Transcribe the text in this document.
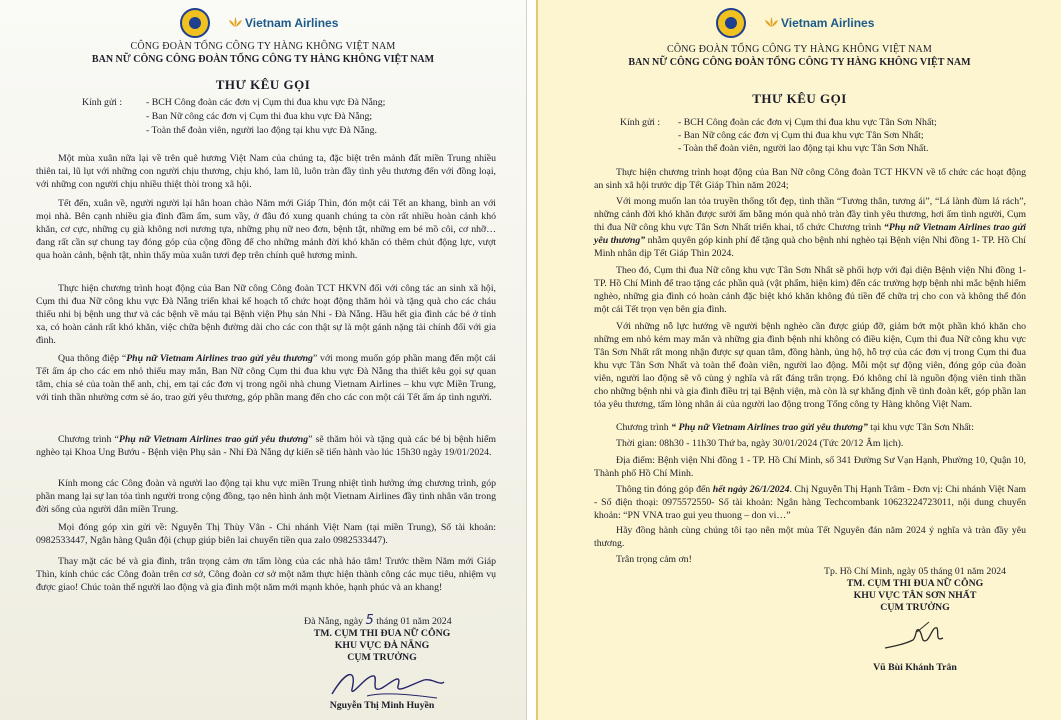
Vietnam Airlines
CÔNG ĐOÀN TỔNG CÔNG TY HÀNG KHÔNG VIỆT NAM
BAN NỮ CÔNG CÔNG ĐOÀN TỔNG CÔNG TY HÀNG KHÔNG VIỆT NAM
THƯ KÊU GỌI
Kính gửi : - BCH Công đoàn các đơn vị Cụm thi đua khu vực Đà Nẵng;
- Ban Nữ công các đơn vị Cụm thi đua khu vực Đà Nẵng;
- Toàn thể đoàn viên, người lao động tại khu vực Đà Nẵng.
Một mùa xuân nữa lại về trên quê hương Việt Nam của chúng ta, đặc biệt trên mảnh đất miền Trung nhiều thiên tai, lũ lụt với những con người chịu thương, chịu khó, lam lũ, luôn tràn đầy tình yêu thương đến với đồng loại, với những con người chịu nhiều thiệt thòi trong xã hội.
Tết đến, xuân về, người người lại hân hoan chào Năm mới Giáp Thìn, đón một cái Tết an khang, bình an với mọi nhà. Bên cạnh nhiều gia đình đầm ấm, sum vầy, ở đâu đó xung quanh chúng ta còn rất nhiều hoàn cảnh khó khăn, cơ cực, những cụ già không nơi nương tựa, những phụ nữ neo đơn, bệnh tật, những em bé mồ côi, cơ nhỡ… đang rất cần sự chung tay đóng góp của cộng đồng để cho những mảnh đời khó khăn có thêm chút động lực, vượt qua hoàn cảnh, bệnh tật, nhìn thấy mùa xuân tươi đẹp trên chính quê hương mình.
Thực hiện chương trình hoạt động của Ban Nữ công Công đoàn TCT HKVN đối với công tác an sinh xã hội, Cụm thi đua Nữ công khu vực Đà Nẵng triển khai kế hoạch tổ chức hoạt động thăm hỏi và tặng quà cho các cháu thiếu nhi bị bệnh ung thư và các bệnh về máu tại Bệnh viện Phụ sản Nhi - Đà Nẵng. Hầu hết gia đình các bé ở tỉnh xa, có hoàn cảnh rất khó khăn, việc chữa bệnh đường dài cho các con thật sự là một gánh nặng tài chính đối với gia đình.
Qua thông điệp “Phụ nữ Vietnam Airlines trao gửi yêu thương” với mong muốn góp phần mang đến một cái Tết ấm áp cho các em nhỏ thiếu may mắn, Ban Nữ công Cụm thi đua khu vực Đà Nẵng tha thiết kêu gọi sự quan tâm, chia sẻ của toàn thể anh, chị, em tại các đơn vị trong ngôi nhà chung Vietnam Airlines – khu vực Miền Trung, với tinh thần nhường cơm sẻ áo, trao gửi yêu thương, góp phần mang đến cho các con một cái Tết ấm áp tình người.
Chương trình “Phụ nữ Vietnam Airlines trao gửi yêu thương” sẽ thăm hỏi và tặng quà các bé bị bệnh hiểm nghèo tại Khoa Ung Bướu - Bệnh viện Phụ sản - Nhi Đà Nẵng dự kiến sẽ tiến hành vào lúc 15h30 ngày 19/01/2024.
Kính mong các Công đoàn và người lao động tại khu vực miền Trung nhiệt tình hưởng ứng chương trình, góp phần mang lại sự lan tỏa tình người trong cộng đồng, tạo nên hình ảnh một Vietnam Airlines đầy tình nhân văn trong đời sống của người dân miền Trung.
Mọi đóng góp xin gửi về: Nguyễn Thị Thùy Vân - Chi nhánh Việt Nam (tại miền Trung), Số tài khoản: 0982533447, Ngân hàng Quân đội (chụp giúp biên lai chuyển tiền qua zalo 0982533447).
Thay mặt các bé và gia đình, trân trọng cảm ơn tấm lòng của các nhà hảo tâm! Trước thềm Năm mới Giáp Thìn, kính chúc các Công đoàn trên cơ sở, Công đoàn cơ sở một năm thực hiện thành công các mục tiêu, nhiệm vụ được giao! Chúc toàn thể người lao động và gia đình một năm mới mạnh khỏe, hạnh phúc và an khang!
Đà Nẵng, ngày 5 tháng 01 năm 2024
TM. CỤM THI ĐUA NỮ CÔNG
KHU VỰC ĐÀ NẴNG
CỤM TRƯỞNG
Nguyễn Thị Minh Huyền
Vietnam Airlines
CÔNG ĐOÀN TỔNG CÔNG TY HÀNG KHÔNG VIỆT NAM
BAN NỮ CÔNG CÔNG ĐOÀN TỔNG CÔNG TY HÀNG KHÔNG VIỆT NAM
THƯ KÊU GỌI
Kính gửi : - BCH Công đoàn các đơn vị Cụm thi đua khu vực Tân Sơn Nhất;
- Ban Nữ công các đơn vị Cụm thi đua khu vực Tân Sơn Nhất;
- Toàn thể đoàn viên, người lao động tại khu vực Tân Sơn Nhất.
Thực hiện chương trình hoạt động của Ban Nữ công Công đoàn TCT HKVN về tổ chức các hoạt động an sinh xã hội trước dịp Tết Giáp Thìn năm 2024;
Với mong muốn lan tỏa truyền thống tốt đẹp, tình thần “Tương thân, tương ái”, “Lá lành đùm lá rách”, những cảnh đời khó khăn được sưởi ấm bằng món quà nhỏ tràn đầy tình yêu thương, hơi ấm tình người, Cụm thi đua Nữ công khu vực Tân Sơn Nhất triển khai, tổ chức Chương trình “Phụ nữ Vietnam Airlines trao gửi yêu thương” nhằm quyên góp kinh phí để tặng quà cho bệnh nhi nghèo tại Bệnh viện Nhi đồng 1- TP. Hồ Chí Minh nhân dịp Tết Giáp Thìn 2024.
Theo đó, Cụm thi đua Nữ công khu vực Tân Sơn Nhất sẽ phối hợp với đại diện Bệnh viện Nhi đồng 1- TP. Hồ Chí Minh để trao tặng các phần quà (vật phẩm, hiện kim) đến các trường hợp bệnh nhi mắc bệnh hiểm nghèo, những gia đình có hoàn cảnh đặc biệt khó khăn không đủ tiền để chữa trị cho con và không thể đón một cái Tết trọn vẹn bên gia đình.
Với những nỗ lực hướng về người bệnh nghèo cần được giúp đỡ, giảm bớt một phần khó khăn cho những em nhỏ kém may mắn và những gia đình bệnh nhi không có điều kiện, Cụm thi đua Nữ công khu vực Tân Sơn Nhất rất mong nhận được sự quan tâm, đồng hành, ủng hộ, hỗ trợ của các đơn vị trong Cụm thi đua khu vực Tân Sơn Nhất và toàn thể đoàn viên, người lao động. Mỗi một sự động viên, đóng góp của đoàn viên, người lao động sẽ vô cùng ý nghĩa và rất đáng trân trọng. Đó không chỉ là nguồn động viên tinh thần cho những bệnh nhi và gia đình điều trị tại Bệnh viện, mà còn là sự khẳng định về tình đoàn kết, góp phần lan tỏa yêu thương, tấm lòng nhân ái của người lao động trong Tổng công ty Hàng không Việt Nam.
Chương trình “ Phụ nữ Vietnam Airlines trao gửi yêu thương” tại khu vực Tân Sơn Nhất:
Thời gian: 08h30 - 11h30 Thứ ba, ngày 30/01/2024 (Tức 20/12 Âm lịch).
Địa điểm: Bệnh viện Nhi đồng 1 - TP. Hồ Chí Minh, số 341 Đường Sư Vạn Hạnh, Phường 10, Quận 10, Thành phố Hồ Chí Minh.
Thông tin đóng góp đến hết ngày 26/1/2024. Chị Nguyễn Thị Hạnh Trâm - Đơn vị: Chi nhánh Việt Nam - Số điện thoại: 0975572550- Số tài khoản: Ngân hàng Techcombank 10623224723011, nội dung chuyển khoản: “PN VNA trao gui yeu thuong – don vi…”
Hãy đồng hành cùng chúng tôi tạo nên một mùa Tết Nguyên đán năm 2024 ý nghĩa và tràn đầy yêu thương.
Trân trọng cảm ơn!
Tp. Hồ Chí Minh, ngày 05 tháng 01 năm 2024
TM. CỤM THI ĐUA NỮ CÔNG
KHU VỰC TÂN SƠN NHẤT
CỤM TRƯỞNG
Vũ Bùi Khánh Trân
